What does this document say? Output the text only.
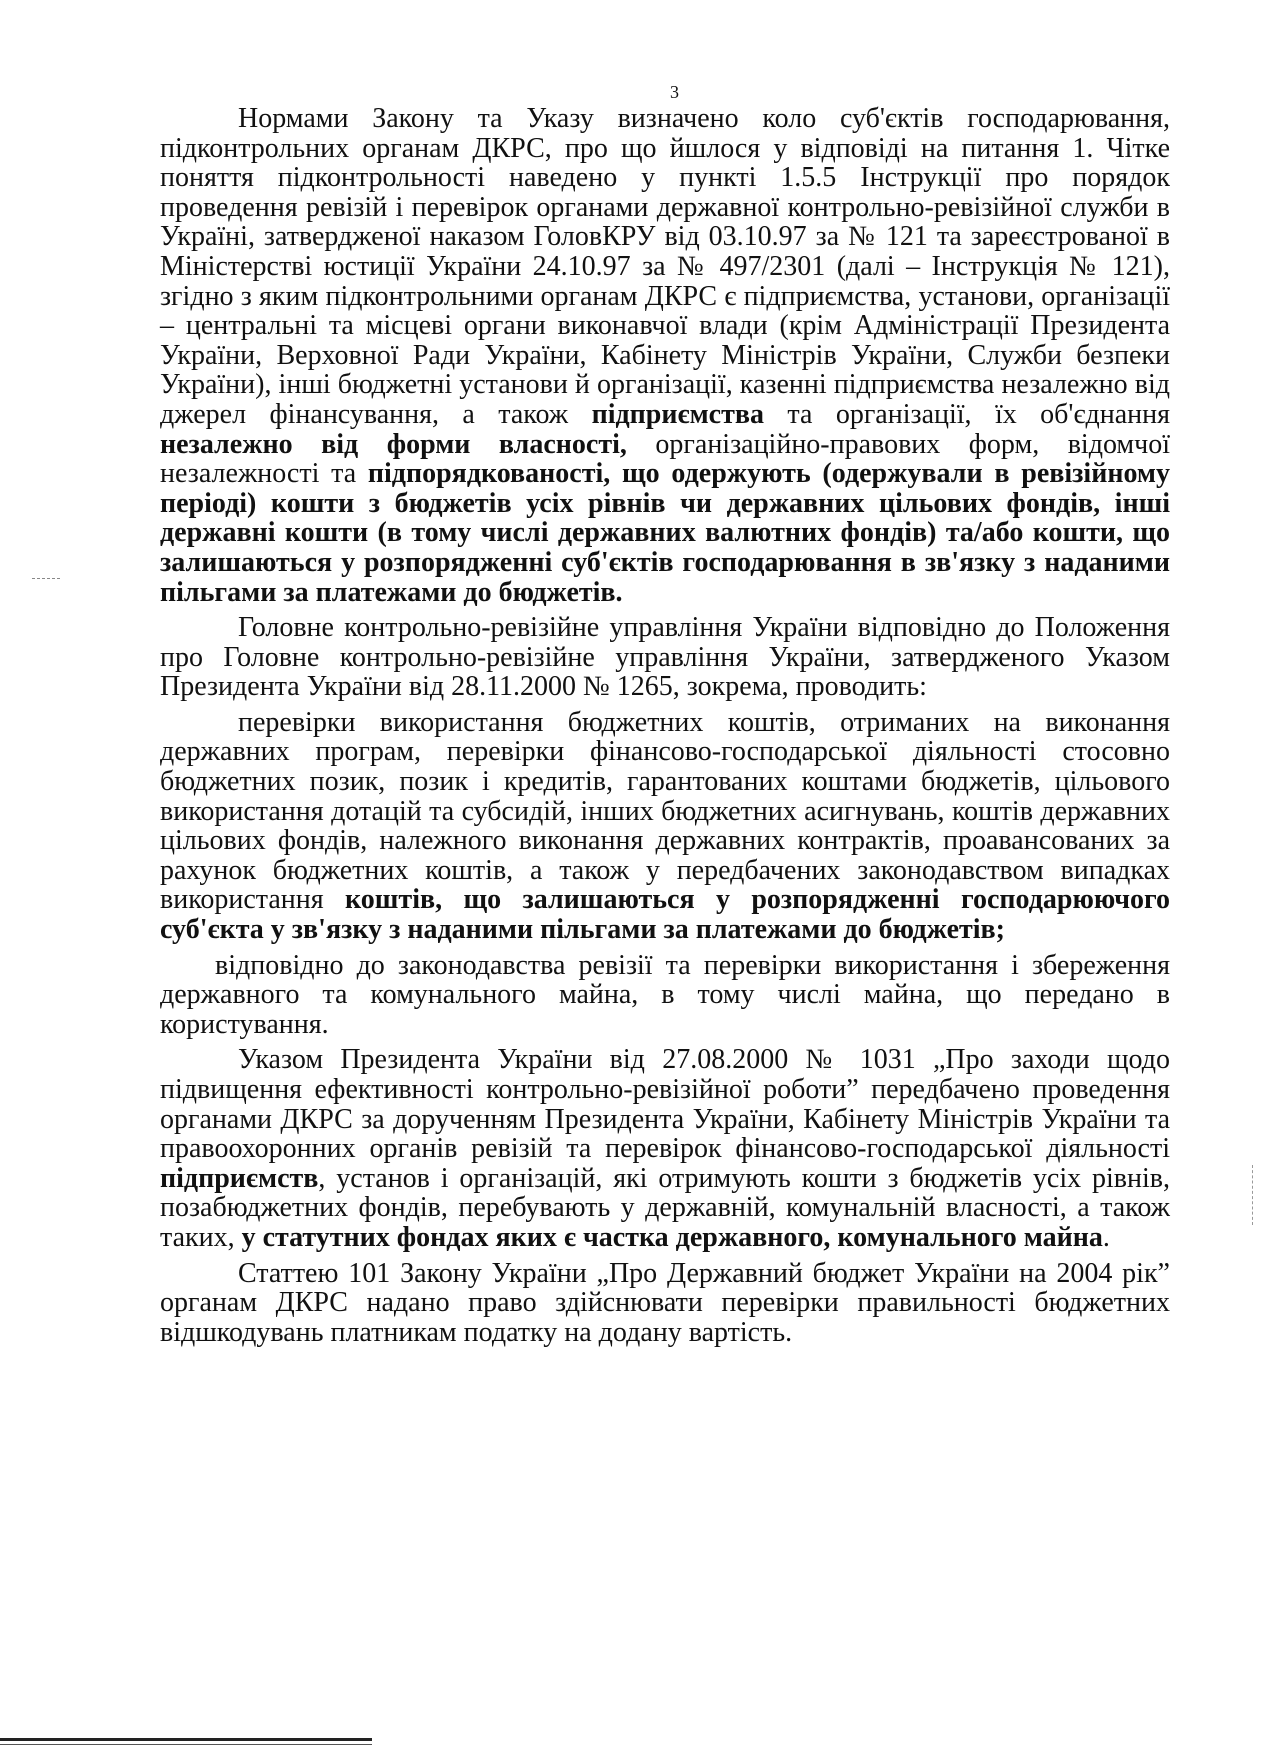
3

Нормами Закону та Указу визначено коло суб'єктів господарювання, підконтрольних органам ДКРС, про що йшлося у відповіді на питання 1. Чітке поняття підконтрольності наведено у пункті 1.5.5 Інструкції про порядок проведення ревізій і перевірок органами державної контрольно-ревізійної служби в Україні, затвердженої наказом ГоловКРУ від 03.10.97 за № 121 та зареєстрованої в Міністерстві юстиції України 24.10.97 за № 497/2301 (далі – Інструкція № 121), згідно з яким підконтрольними органам ДКРС є підприємства, установи, організації – центральні та місцеві органи виконавчої влади (крім Адміністрації Президента України, Верховної Ради України, Кабінету Міністрів України, Служби безпеки України), інші бюджетні установи й організації, казенні підприємства незалежно від джерел фінансування, а також підприємства та організації, їх об'єднання незалежно від форми власності, організаційно-правових форм, відомчої незалежності та підпорядкованості, що одержують (одержували в ревізійному періоді) кошти з бюджетів усіх рівнів чи державних цільових фондів, інші державні кошти (в тому числі державних валютних фондів) та/або кошти, що залишаються у розпорядженні суб'єктів господарювання в зв'язку з наданими пільгами за платежами до бюджетів.

Головне контрольно-ревізійне управління України відповідно до Положення про Головне контрольно-ревізійне управління України, затвердженого Указом Президента України від 28.11.2000 № 1265, зокрема, проводить:

перевірки використання бюджетних коштів, отриманих на виконання державних програм, перевірки фінансово-господарської діяльності стосовно бюджетних позик, позик і кредитів, гарантованих коштами бюджетів, цільового використання дотацій та субсидій, інших бюджетних асигнувань, коштів державних цільових фондів, належного виконання державних контрактів, проавансованих за рахунок бюджетних коштів, а також у передбачених законодавством випадках використання коштів, що залишаються у розпорядженні господарюючого суб'єкта у зв'язку з наданими пільгами за платежами до бюджетів;

відповідно до законодавства ревізії та перевірки використання і збереження державного та комунального майна, в тому числі майна, що передано в користування.

Указом Президента України від 27.08.2000 № 1031 „Про заходи щодо підвищення ефективності контрольно-ревізійної роботи” передбачено проведення органами ДКРС за дорученням Президента України, Кабінету Міністрів України та правоохоронних органів ревізій та перевірок фінансово-господарської діяльності підприємств, установ і організацій, які отримують кошти з бюджетів усіх рівнів, позабюджетних фондів, перебувають у державній, комунальній власності, а також таких, у статутних фондах яких є частка державного, комунального майна.

Статтею 101 Закону України „Про Державний бюджет України на 2004 рік” органам ДКРС надано право здійснювати перевірки правильності бюджетних відшкодувань платникам податку на додану вартість.
